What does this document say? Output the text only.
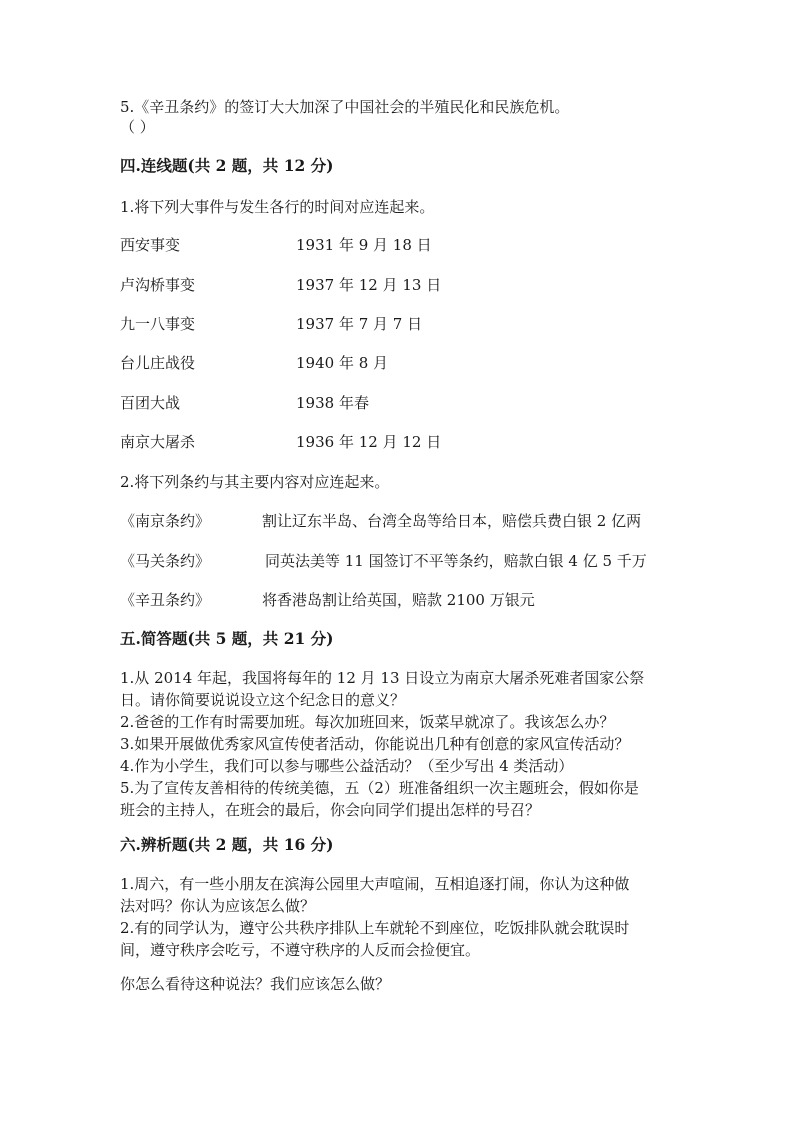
5.《辛丑条约》的签订大大加深了中国社会的半殖民化和民族危机。
（ ）
四.连线题(共 2 题，共 12 分)
1.将下列大事件与发生各行的时间对应连起来。
西安事变	1931 年 9 月 18 日
卢沟桥事变	1937 年 12 月 13 日
九一八事变	1937 年 7 月 7 日
台儿庄战役	1940 年 8 月
百团大战	1938 年春
南京大屠杀	1936 年 12 月 12 日
2.将下列条约与其主要内容对应连起来。
《南京条约》	割让辽东半岛、台湾全岛等给日本，赔偿兵费白银 2 亿两
《马关条约》	同英法美等 11 国签订不平等条约，赔款白银 4 亿 5 千万
《辛丑条约》	将香港岛割让给英国，赔款 2100 万银元
五.简答题(共 5 题，共 21 分)
1.从 2014 年起，我国将每年的 12 月 13 日设立为南京大屠杀死难者国家公祭
日。请你简要说说设立这个纪念日的意义？
2.爸爸的工作有时需要加班。每次加班回来，饭菜早就凉了。我该怎么办？
3.如果开展做优秀家风宣传使者活动，你能说出几种有创意的家风宣传活动？
4.作为小学生，我们可以参与哪些公益活动？（至少写出 4 类活动）
5.为了宣传友善相待的传统美德，五（2）班准备组织一次主题班会，假如你是
班会的主持人，在班会的最后，你会向同学们提出怎样的号召？
六.辨析题(共 2 题，共 16 分)
1.周六，有一些小朋友在滨海公园里大声喧闹，互相追逐打闹，你认为这种做
法对吗？你认为应该怎么做？
2.有的同学认为，遵守公共秩序排队上车就轮不到座位，吃饭排队就会耽误时
间，遵守秩序会吃亏，不遵守秩序的人反而会捡便宜。
你怎么看待这种说法？我们应该怎么做？
